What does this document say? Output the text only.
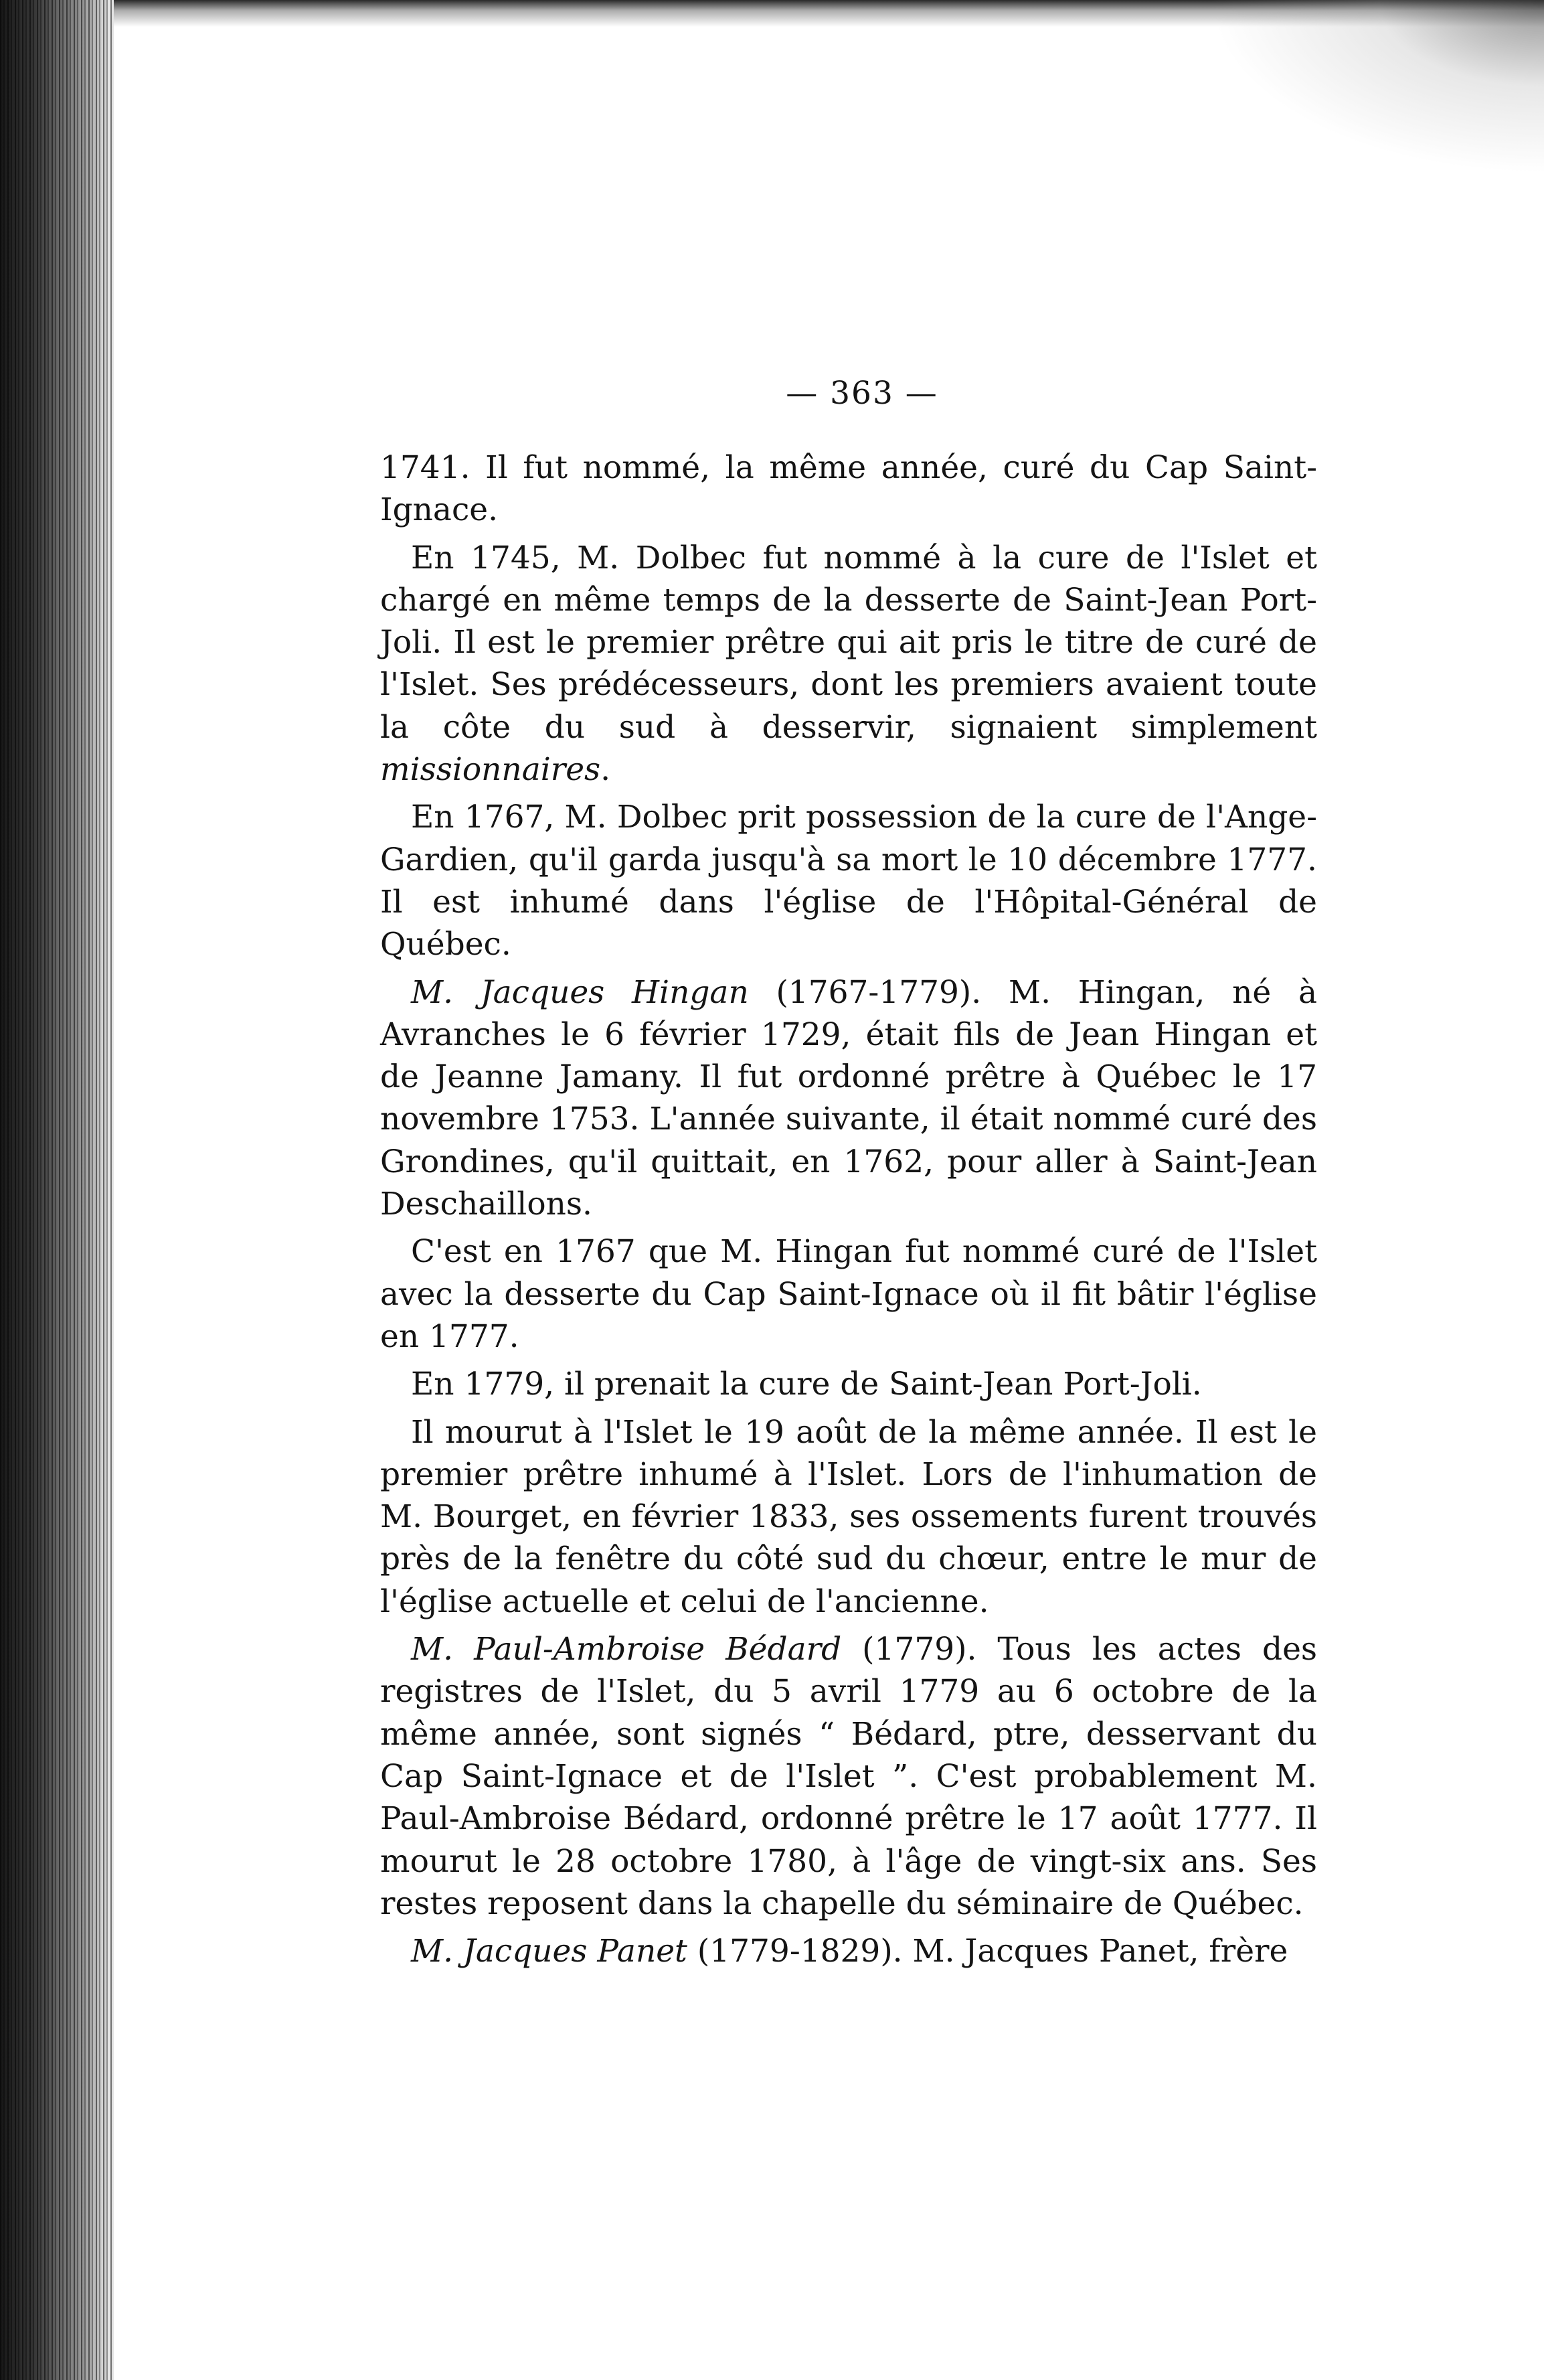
— 363 —

1741. Il fut nommé, la même année, curé du Cap Saint-Ignace.

En 1745, M. Dolbec fut nommé à la cure de l'Islet et chargé en même temps de la desserte de Saint-Jean Port-Joli. Il est le premier prêtre qui ait pris le titre de curé de l'Islet. Ses prédécesseurs, dont les premiers avaient toute la côte du sud à desservir, signaient simplement missionnaires.

En 1767, M. Dolbec prit possession de la cure de l'Ange-Gardien, qu'il garda jusqu'à sa mort le 10 décembre 1777. Il est inhumé dans l'église de l'Hôpital-Général de Québec.

M. Jacques Hingan (1767-1779). M. Hingan, né à Avranches le 6 février 1729, était fils de Jean Hingan et de Jeanne Jamany. Il fut ordonné prêtre à Québec le 17 novembre 1753. L'année suivante, il était nommé curé des Grondines, qu'il quittait, en 1762, pour aller à Saint-Jean Deschaillons.

C'est en 1767 que M. Hingan fut nommé curé de l'Islet avec la desserte du Cap Saint-Ignace où il fit bâtir l'église en 1777.

En 1779, il prenait la cure de Saint-Jean Port-Joli.

Il mourut à l'Islet le 19 août de la même année. Il est le premier prêtre inhumé à l'Islet. Lors de l'inhumation de M. Bourget, en février 1833, ses ossements furent trouvés près de la fenêtre du côté sud du chœur, entre le mur de l'église actuelle et celui de l'ancienne.

M. Paul-Ambroise Bédard (1779). Tous les actes des registres de l'Islet, du 5 avril 1779 au 6 octobre de la même année, sont signés “ Bédard, ptre, desservant du Cap Saint-Ignace et de l'Islet ”. C'est probablement M. Paul-Ambroise Bédard, ordonné prêtre le 17 août 1777. Il mourut le 28 octobre 1780, à l'âge de vingt-six ans. Ses restes reposent dans la chapelle du séminaire de Québec.

M. Jacques Panet (1779-1829). M. Jacques Panet, frère
